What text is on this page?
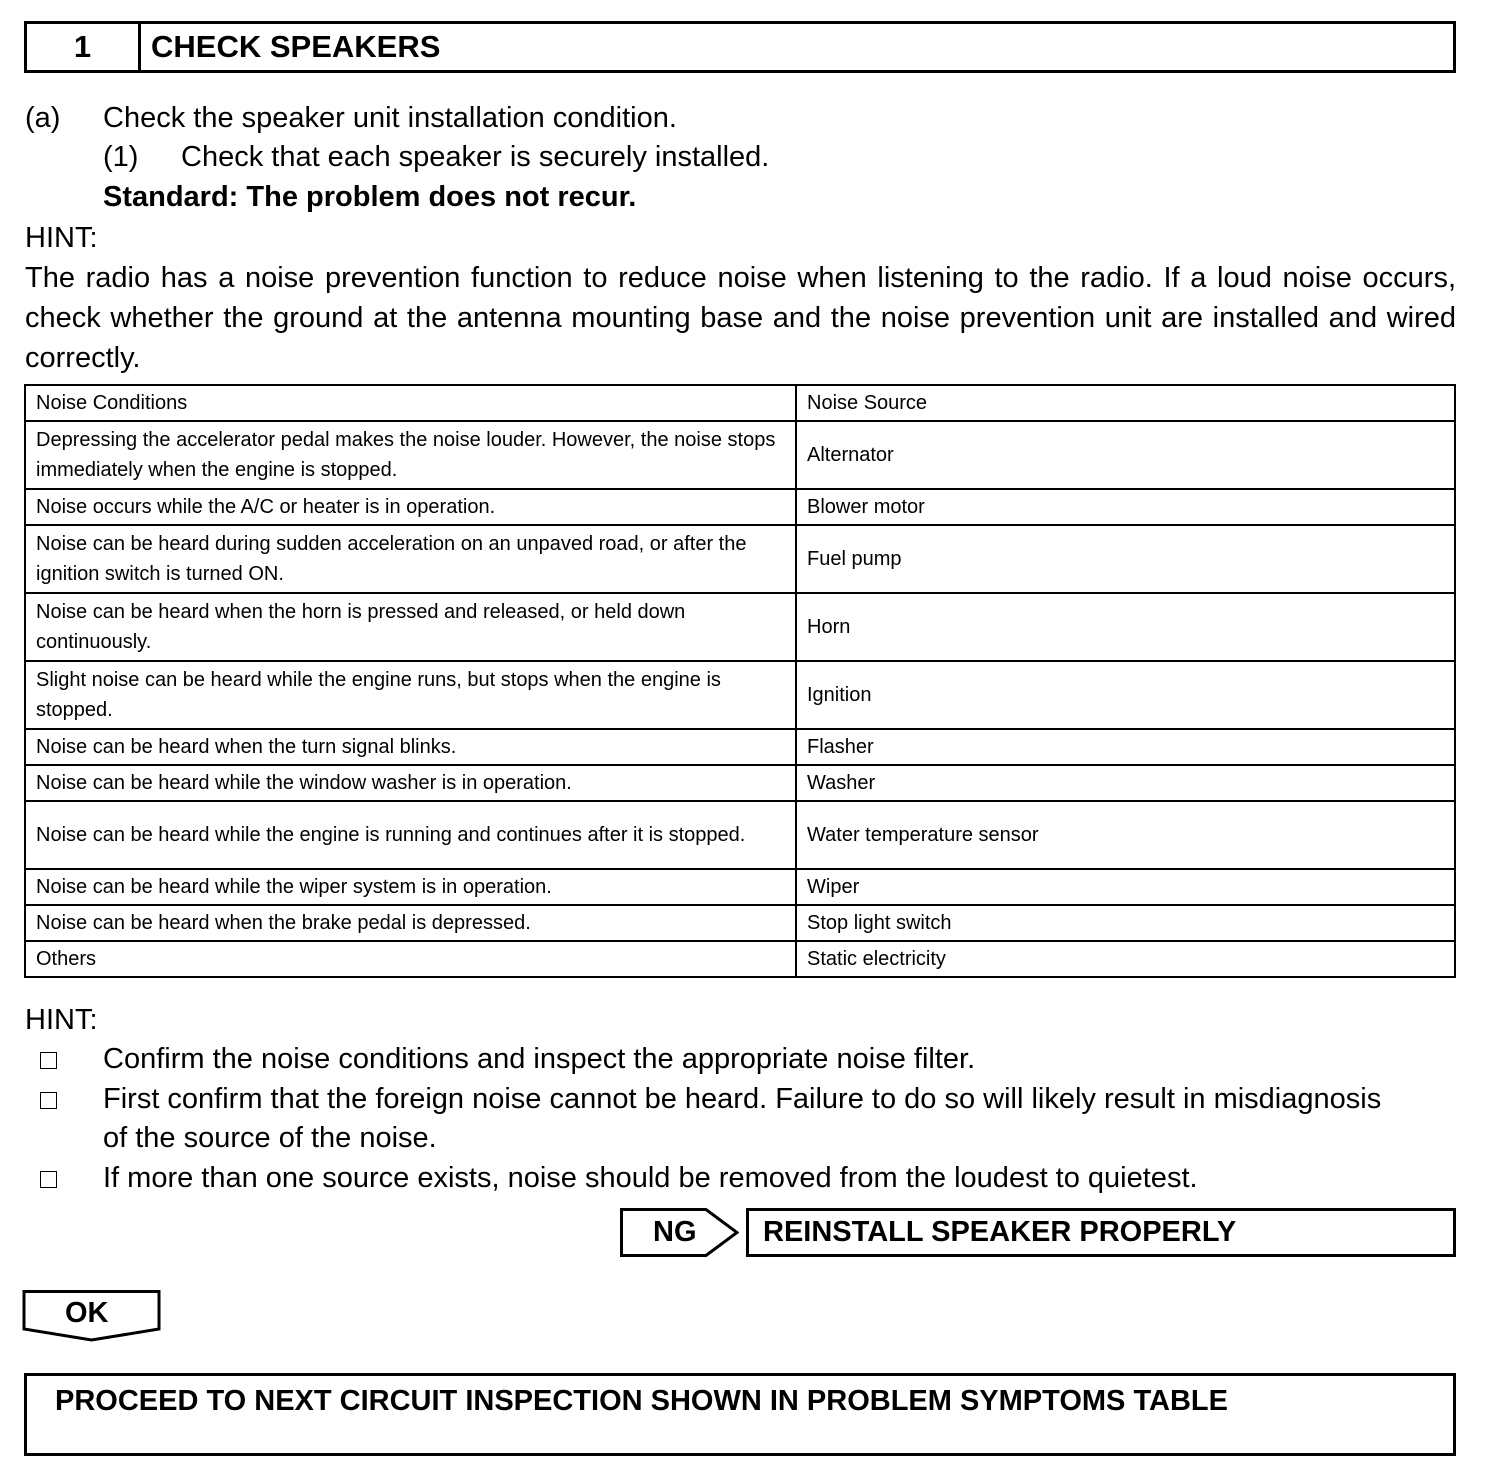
1	CHECK SPEAKERS
(a) Check the speaker unit installation condition.
(1) Check that each speaker is securely installed.
Standard: The problem does not recur.
HINT:
The radio has a noise prevention function to reduce noise when listening to the radio. If a loud noise occurs, check whether the ground at the antenna mounting base and the noise prevention unit are installed and wired correctly.
Noise Conditions	Noise Source
Depressing the accelerator pedal makes the noise louder. However, the noise stops immediately when the engine is stopped.	Alternator
Noise occurs while the A/C or heater is in operation.	Blower motor
Noise can be heard during sudden acceleration on an unpaved road, or after the ignition switch is turned ON.	Fuel pump
Noise can be heard when the horn is pressed and released, or held down continuously.	Horn
Slight noise can be heard while the engine runs, but stops when the engine is stopped.	Ignition
Noise can be heard when the turn signal blinks.	Flasher
Noise can be heard while the window washer is in operation.	Washer
Noise can be heard while the engine is running and continues after it is stopped.	Water temperature sensor
Noise can be heard while the wiper system is in operation.	Wiper
Noise can be heard when the brake pedal is depressed.	Stop light switch
Others	Static electricity
HINT:
Confirm the noise conditions and inspect the appropriate noise filter.
First confirm that the foreign noise cannot be heard. Failure to do so will likely result in misdiagnosis
of the source of the noise.
If more than one source exists, noise should be removed from the loudest to quietest.
NG REINSTALL SPEAKER PROPERLY
OK
PROCEED TO NEXT CIRCUIT INSPECTION SHOWN IN PROBLEM SYMPTOMS TABLE
